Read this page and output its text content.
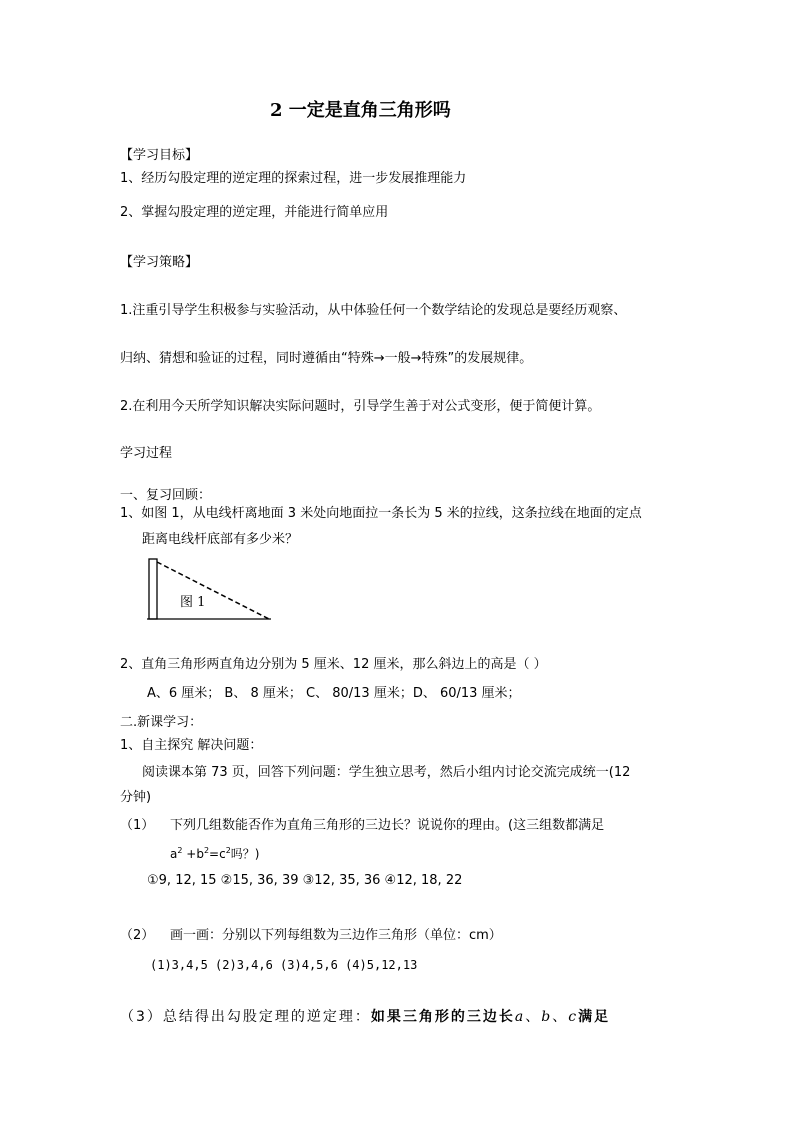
2 一定是直角三角形吗
【学习目标】
1、经历勾股定理的逆定理的探索过程，进一步发展推理能力
2、掌握勾股定理的逆定理，并能进行简单应用
【学习策略】
1.注重引导学生积极参与实验活动，从中体验任何一个数学结论的发现总是要经历观察、
归纳、猜想和验证的过程，同时遵循由“特殊→一般→特殊”的发展规律。
2.在利用今天所学知识解决实际问题时，引导学生善于对公式变形，便于简便计算。
学习过程
一、复习回顾：
1、如图 1，从电线杆离地面 3 米处向地面拉一条长为 5 米的拉线，这条拉线在地面的定点
距离电线杆底部有多少米？
图 1
2、直角三角形两直角边分别为 5 厘米、12 厘米，那么斜边上的高是（ ）
A、6 厘米； B、 8 厘米； C、 80/13 厘米；D、 60/13 厘米；
二.新课学习：
1、自主探究 解决问题：
阅读课本第 73 页，回答下列问题：学生独立思考，然后小组内讨论交流完成统一(12
分钟)
（1） 下列几组数能否作为直角三角形的三边长？说说你的理由。(这三组数都满足
$a^2 +b^2=c^2$吗？)
①9, 12, 15 ②15, 36, 39 ③12, 35, 36 ④12, 18, 22
（2） 画一画：分别以下列每组数为三边作三角形（单位：cm）
(1)3,4,5 (2)3,4,6 (3)4,5,6 (4)5,12,13
（3）总结得出勾股定理的逆定理：如果三角形的三边长a、b、c满足
